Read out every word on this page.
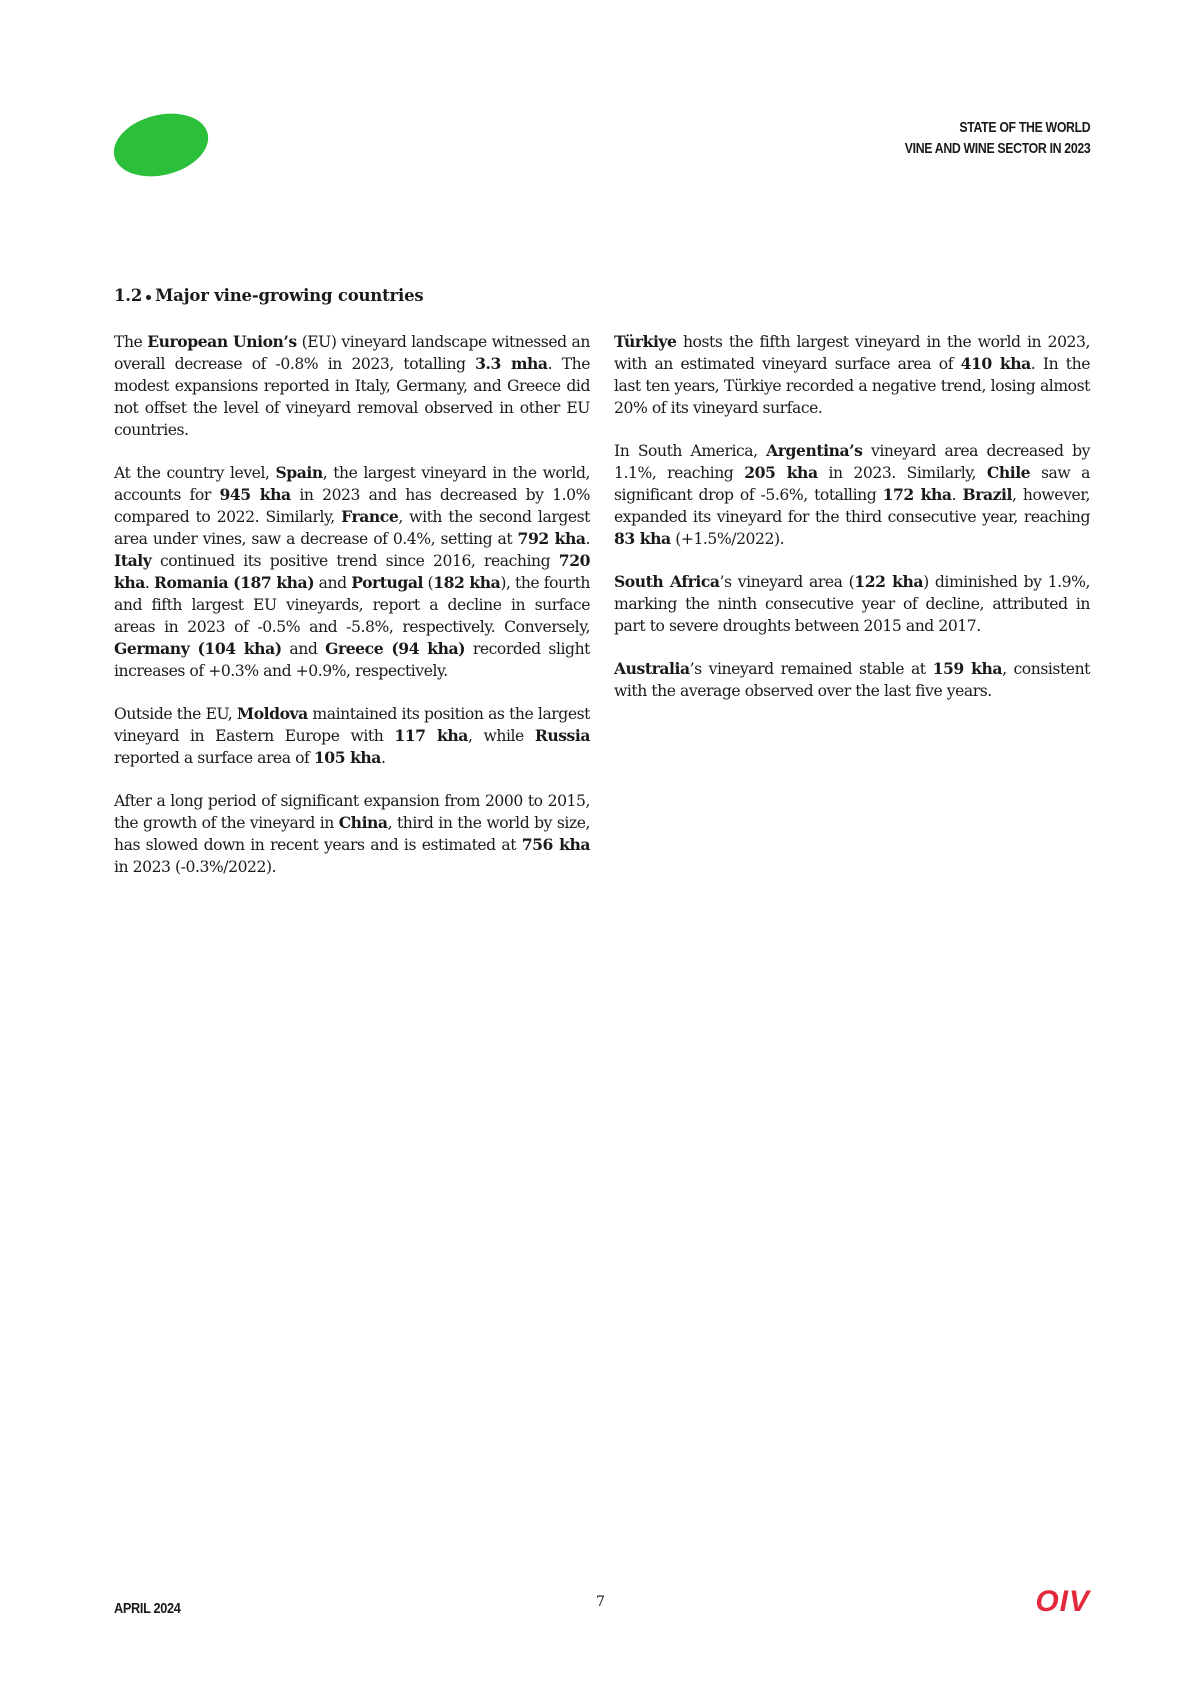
STATE OF THE WORLD
VINE AND WINE SECTOR IN 2023
1.2 Major vine-growing countries

The European Union’s (EU) vineyard landscape witnessed an overall decrease of -0.8% in 2023, totalling 3.3 mha. The modest expansions reported in Italy, Germany, and Greece did not offset the level of vineyard removal observed in other EU countries.

At the country level, Spain, the largest vineyard in the world, accounts for 945 kha in 2023 and has decreased by 1.0% compared to 2022. Similarly, France, with the second largest area under vines, saw a decrease of 0.4%, setting at 792 kha. Italy continued its positive trend since 2016, reaching 720 kha. Romania (187 kha) and Portugal (182 kha), the fourth and fifth largest EU vineyards, report a decline in surface areas in 2023 of -0.5% and -5.8%, respectively. Conversely, Germany (104 kha) and Greece (94 kha) recorded slight increases of +0.3% and +0.9%, respectively.

Outside the EU, Moldova maintained its position as the largest vineyard in Eastern Europe with 117 kha, while Russia reported a surface area of 105 kha.

After a long period of significant expansion from 2000 to 2015, the growth of the vineyard in China, third in the world by size, has slowed down in recent years and is estimated at 756 kha in 2023 (-0.3%/2022).

Türkiye hosts the fifth largest vineyard in the world in 2023, with an estimated vineyard surface area of 410 kha. In the last ten years, Türkiye recorded a negative trend, losing almost 20% of its vineyard surface.

In South America, Argentina’s vineyard area decreased by 1.1%, reaching 205 kha in 2023. Similarly, Chile saw a significant drop of -5.6%, totalling 172 kha. Brazil, however, expanded its vineyard for the third consecutive year, reaching 83 kha (+1.5%/2022).

South Africa’s vineyard area (122 kha) diminished by 1.9%, marking the ninth consecutive year of decline, attributed in part to severe droughts between 2015 and 2017.

Australia’s vineyard remained stable at 159 kha, consistent with the average observed over the last five years.

APRIL 2024	7	OIV
